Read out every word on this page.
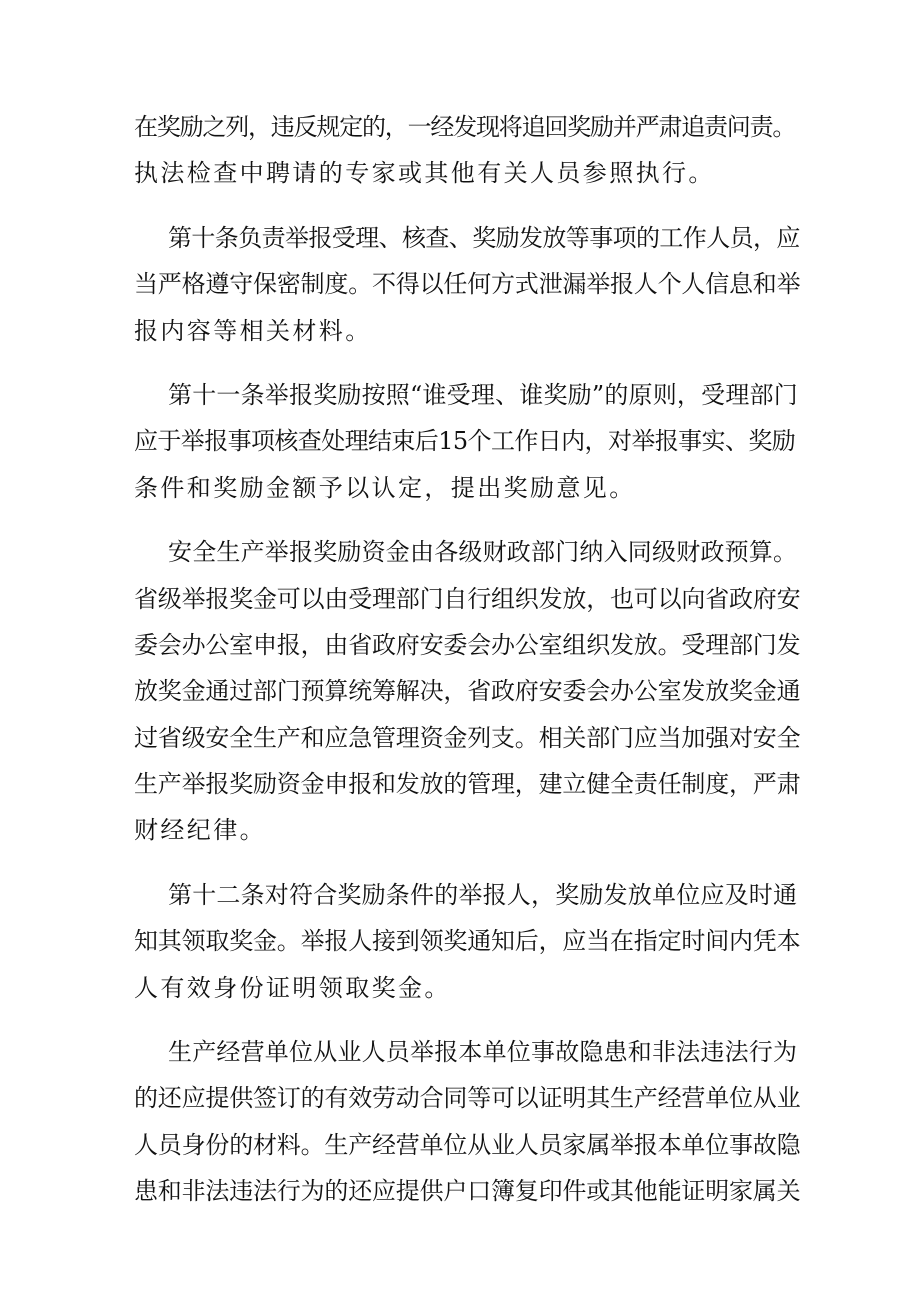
在奖励之列，违反规定的，一经发现将追回奖励并严肃追责问责。
执法检查中聘请的专家或其他有关人员参照执行。
第十条负责举报受理、核查、奖励发放等事项的工作人员，应
当严格遵守保密制度。不得以任何方式泄漏举报人个人信息和举
报内容等相关材料。
第十一条举报奖励按照“谁受理、谁奖励”的原则，受理部门
应于举报事项核查处理结束后15个工作日内，对举报事实、奖励
条件和奖励金额予以认定，提出奖励意见。
安全生产举报奖励资金由各级财政部门纳入同级财政预算。
省级举报奖金可以由受理部门自行组织发放，也可以向省政府安
委会办公室申报，由省政府安委会办公室组织发放。受理部门发
放奖金通过部门预算统筹解决，省政府安委会办公室发放奖金通
过省级安全生产和应急管理资金列支。相关部门应当加强对安全
生产举报奖励资金申报和发放的管理，建立健全责任制度，严肃
财经纪律。
第十二条对符合奖励条件的举报人，奖励发放单位应及时通
知其领取奖金。举报人接到领奖通知后，应当在指定时间内凭本
人有效身份证明领取奖金。
生产经营单位从业人员举报本单位事故隐患和非法违法行为
的还应提供签订的有效劳动合同等可以证明其生产经营单位从业
人员身份的材料。生产经营单位从业人员家属举报本单位事故隐
患和非法违法行为的还应提供户口簿复印件或其他能证明家属关
